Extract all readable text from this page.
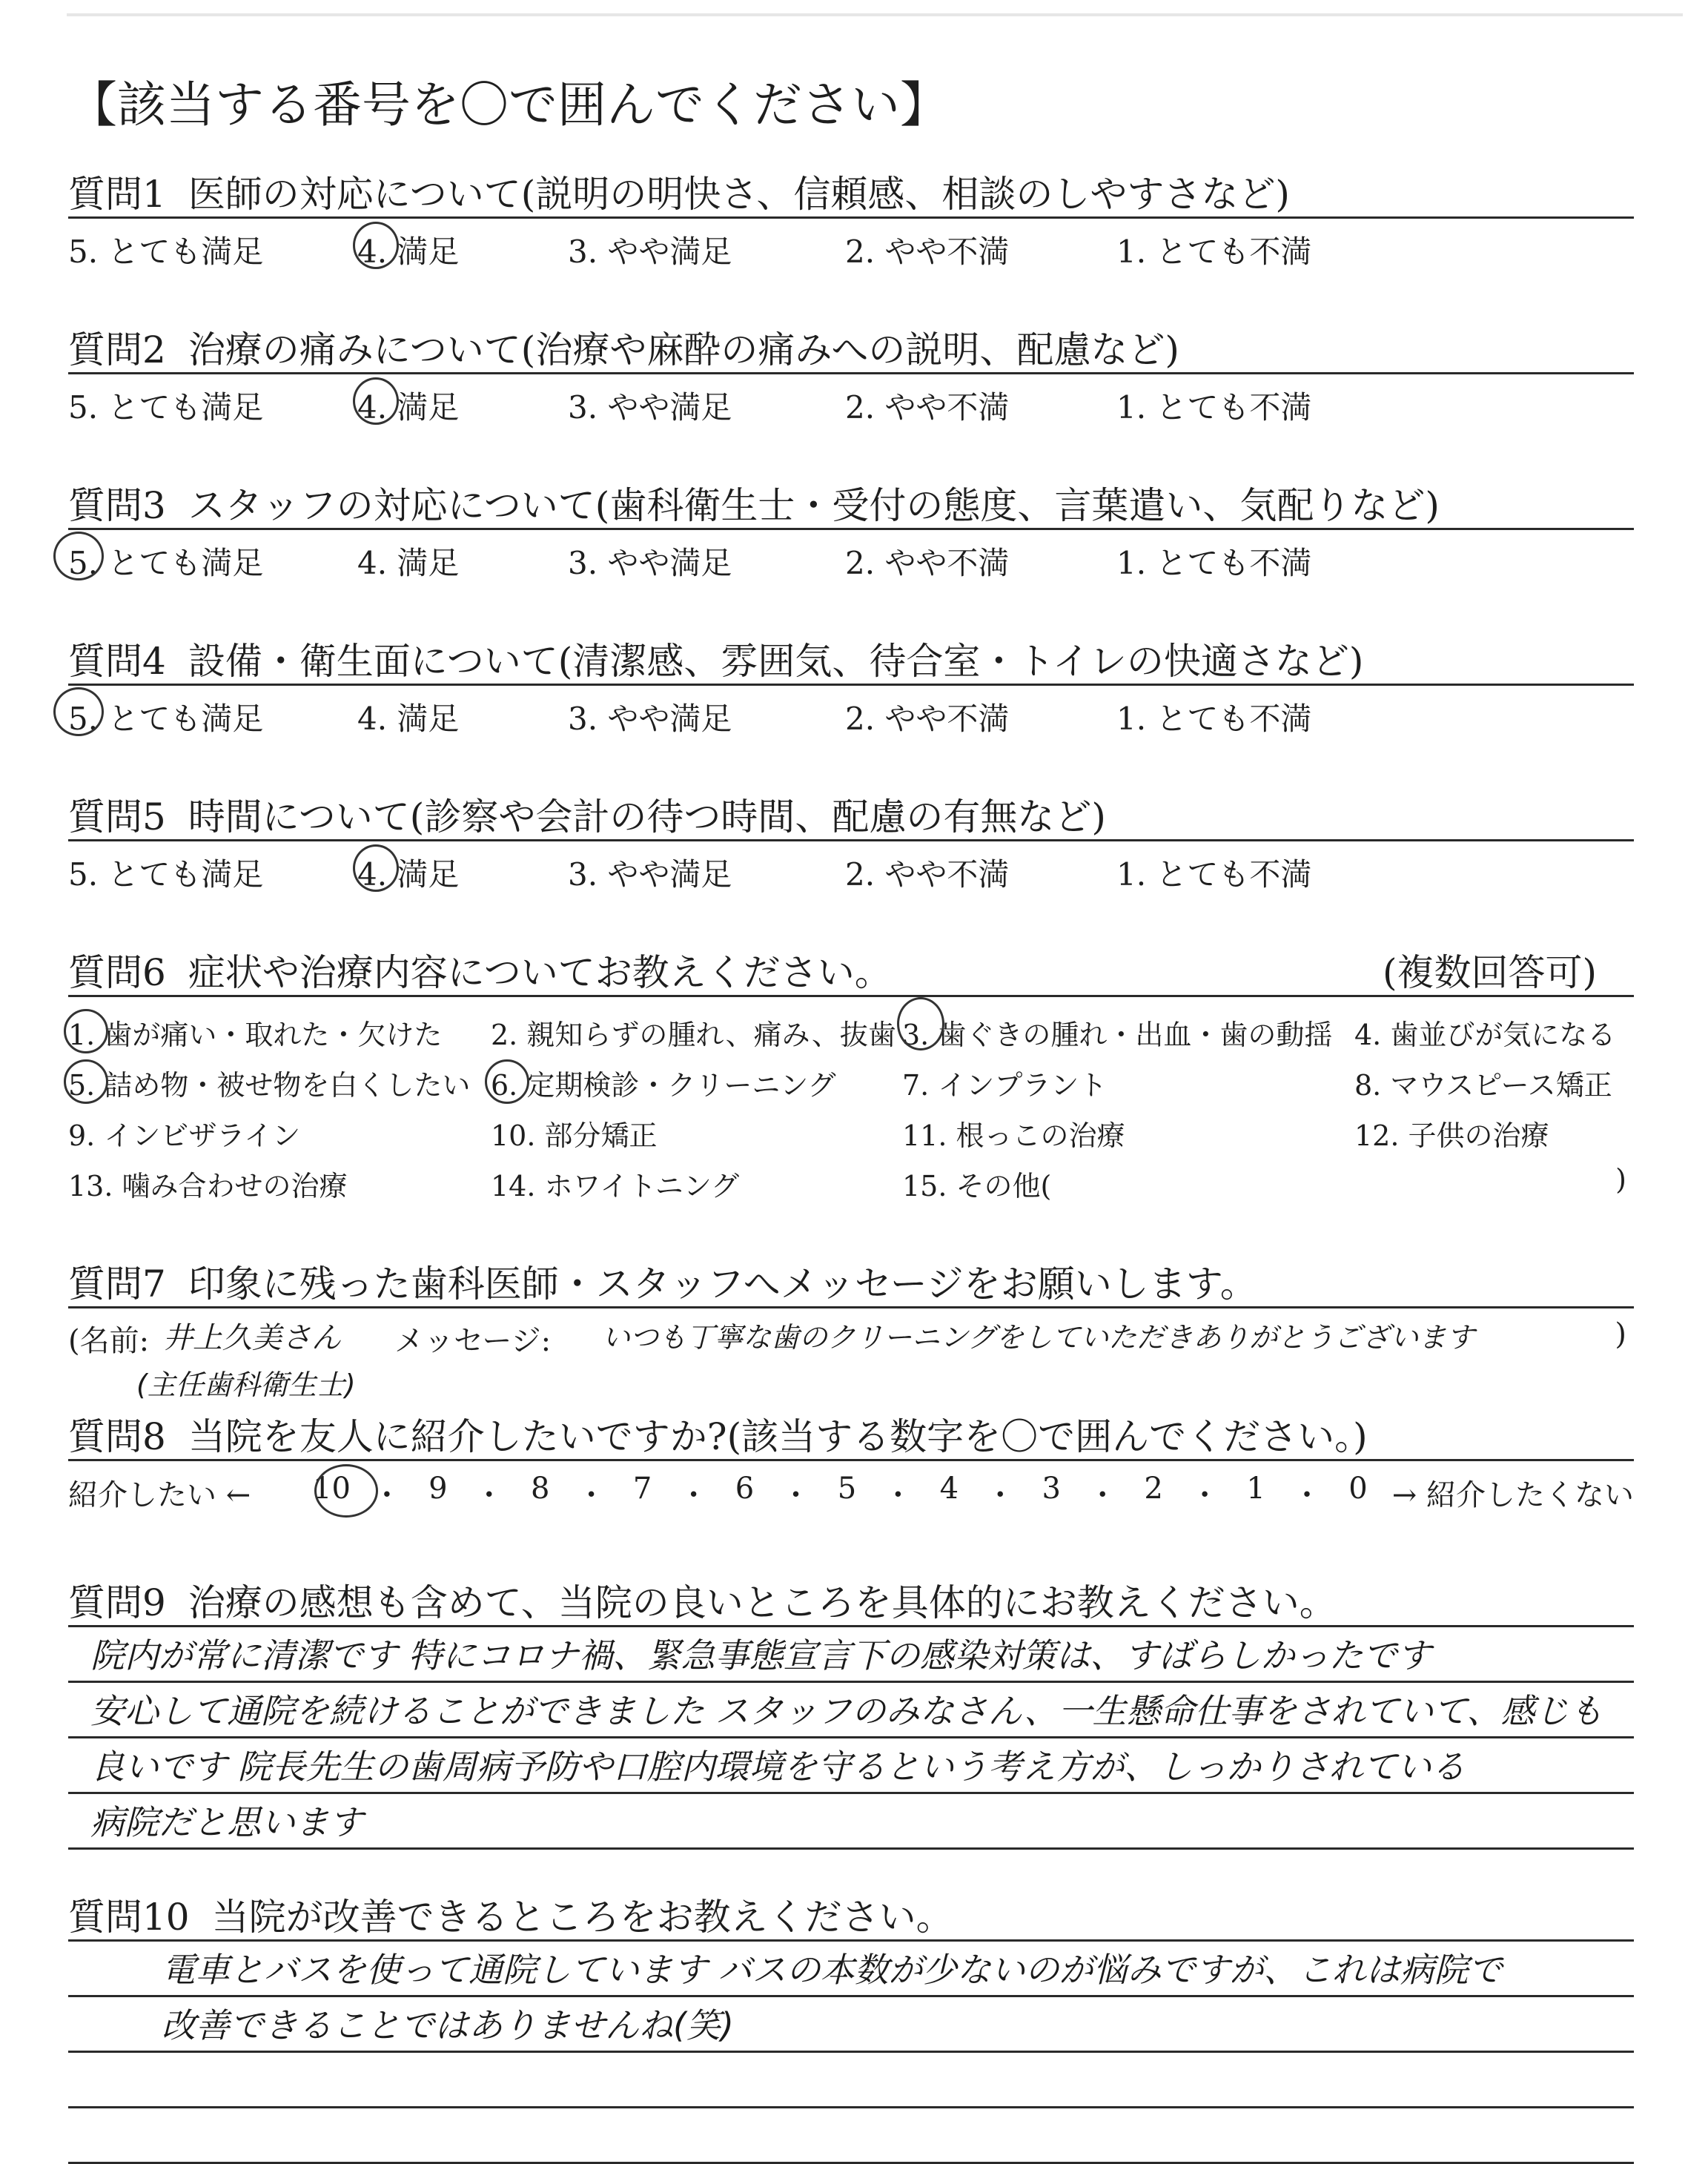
【該当する番号を〇で囲んでください】
質問1 医師の対応について(説明の明快さ、信頼感、相談のしやすさなど)
5. とても満足	4. 満足	3. やや満足	2. やや不満	1. とても不満
質問2 治療の痛みについて(治療や麻酔の痛みへの説明、配慮など)
5. とても満足	4. 満足	3. やや満足	2. やや不満	1. とても不満
質問3 スタッフの対応について(歯科衛生士・受付の態度、言葉遣い、気配りなど)
5. とても満足	4. 満足	3. やや満足	2. やや不満	1. とても不満
質問4 設備・衛生面について(清潔感、雰囲気、待合室・トイレの快適さなど)
5. とても満足	4. 満足	3. やや満足	2. やや不満	1. とても不満
質問5 時間について(診察や会計の待つ時間、配慮の有無など)
5. とても満足	4. 満足	3. やや満足	2. やや不満	1. とても不満
質問6 症状や治療内容についてお教えください。	(複数回答可)
1. 歯が痛い・取れた・欠けた 2. 親知らずの腫れ、痛み、抜歯 3. 歯ぐきの腫れ・出血・歯の動揺 4. 歯並びが気になる
5. 詰め物・被せ物を白くしたい 6. 定期検診・クリーニング 7. インプラント	8. マウスピース矯正
9. インビザライン	10. 部分矯正	11. 根っこの治療	12. 子供の治療
13. 噛み合わせの治療	14. ホワイトニング	15. その他(	)
質問7 印象に残った歯科医師・スタッフへメッセージをお願いします。
(名前: 井上久美さん メッセージ: いつも丁寧な歯のクリーニングをしていただきありがとうございます	)
(主任歯科衛生士)
質問8 当院を友人に紹介したいですか?(該当する数字を〇で囲んでください。)
紹介したい ← 10 ・ 9 ・ 8 ・ 7 ・ 6 ・ 5 ・ 4 ・ 3 ・ 2 ・ 1 ・ 0 → 紹介したくない
質問9 治療の感想も含めて、当院の良いところを具体的にお教えください。
院内が常に清潔です 特にコロナ禍、緊急事態宣言下の感染対策は、すばらしかったです
安心して通院を続けることができました スタッフのみなさん、一生懸命仕事をされていて、感じも
良いです 院長先生の歯周病予防や口腔内環境を守るという考え方が、しっかりされている
病院だと思います
質問10 当院が改善できるところをお教えください。
電車とバスを使って通院しています バスの本数が少ないのが悩みですが、これは病院で
改善できることではありませんね(笑)
